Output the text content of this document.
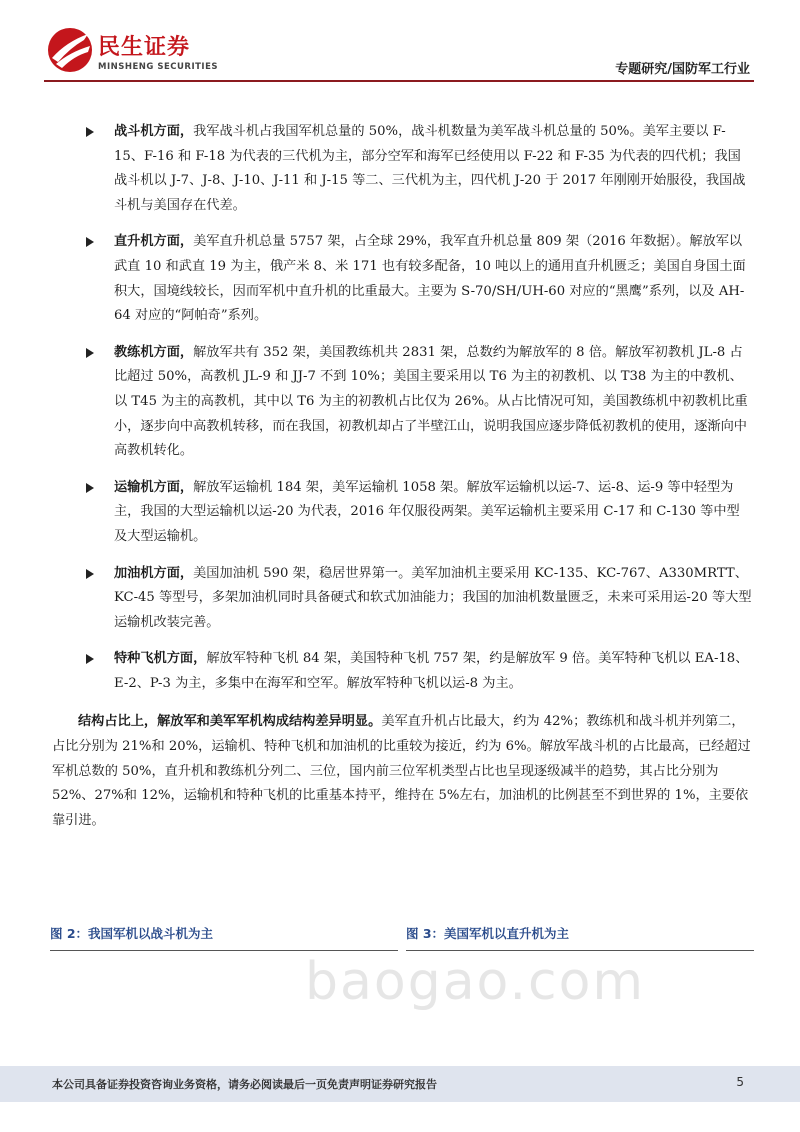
民生证券
MINSHENG SECURITIES	专题研究/国防军工行业
战斗机方面，我军战斗机占我国军机总量的 50%，战斗机数量为美军战斗机总量的 50%。美军主要以 F-15、F-16 和 F-18 为代表的三代机为主，部分空军和海军已经使用以 F-22 和 F-35 为代表的四代机；我国战斗机以 J-7、J-8、J-10、J-11 和 J-15 等二、三代机为主，四代机 J-20 于 2017 年刚刚开始服役，我国战斗机与美国存在代差。
直升机方面，美军直升机总量 5757 架，占全球 29%，我军直升机总量 809 架（2016 年数据）。解放军以武直 10 和武直 19 为主，俄产米 8、米 171 也有较多配备，10 吨以上的通用直升机匮乏；美国自身国土面积大，国境线较长，因而军机中直升机的比重最大。主要为 S-70/SH/UH-60 对应的“黑鹰”系列，以及 AH-64 对应的“阿帕奇”系列。
教练机方面，解放军共有 352 架，美国教练机共 2831 架，总数约为解放军的 8 倍。解放军初教机 JL-8 占比超过 50%，高教机 JL-9 和 JJ-7 不到 10%；美国主要采用以 T6 为主的初教机、以 T38 为主的中教机、以 T45 为主的高教机，其中以 T6 为主的初教机占比仅为 26%。从占比情况可知，美国教练机中初教机比重小，逐步向中高教机转移，而在我国，初教机却占了半壁江山，说明我国应逐步降低初教机的使用，逐渐向中高教机转化。
运输机方面，解放军运输机 184 架，美军运输机 1058 架。解放军运输机以运-7、运-8、运-9 等中轻型为主，我国的大型运输机以运-20 为代表，2016 年仅服役两架。美军运输机主要采用 C-17 和 C-130 等中型及大型运输机。
加油机方面，美国加油机 590 架，稳居世界第一。美军加油机主要采用 KC-135、KC-767、A330MRTT、KC-45 等型号，多架加油机同时具备硬式和软式加油能力；我国的加油机数量匮乏，未来可采用运-20 等大型运输机改装完善。
特种飞机方面，解放军特种飞机 84 架，美国特种飞机 757 架，约是解放军 9 倍。美军特种飞机以 EA-18、E-2、P-3 为主，多集中在海军和空军。解放军特种飞机以运-8 为主。
结构占比上，解放军和美军军机构成结构差异明显。美军直升机占比最大，约为 42%；教练机和战斗机并列第二，占比分别为 21%和 20%，运输机、特种飞机和加油机的比重较为接近，约为 6%。解放军战斗机的占比最高，已经超过军机总数的 50%，直升机和教练机分列二、三位，国内前三位军机类型占比也呈现逐级减半的趋势，其占比分别为 52%、27%和 12%，运输机和特种飞机的比重基本持平，维持在 5%左右，加油机的比例甚至不到世界的 1%，主要依靠引进。
图 2：我国军机以战斗机为主	图 3：美国军机以直升机为主
baogao.com
本公司具备证券投资咨询业务资格，请务必阅读最后一页免责声明证券研究报告	5
